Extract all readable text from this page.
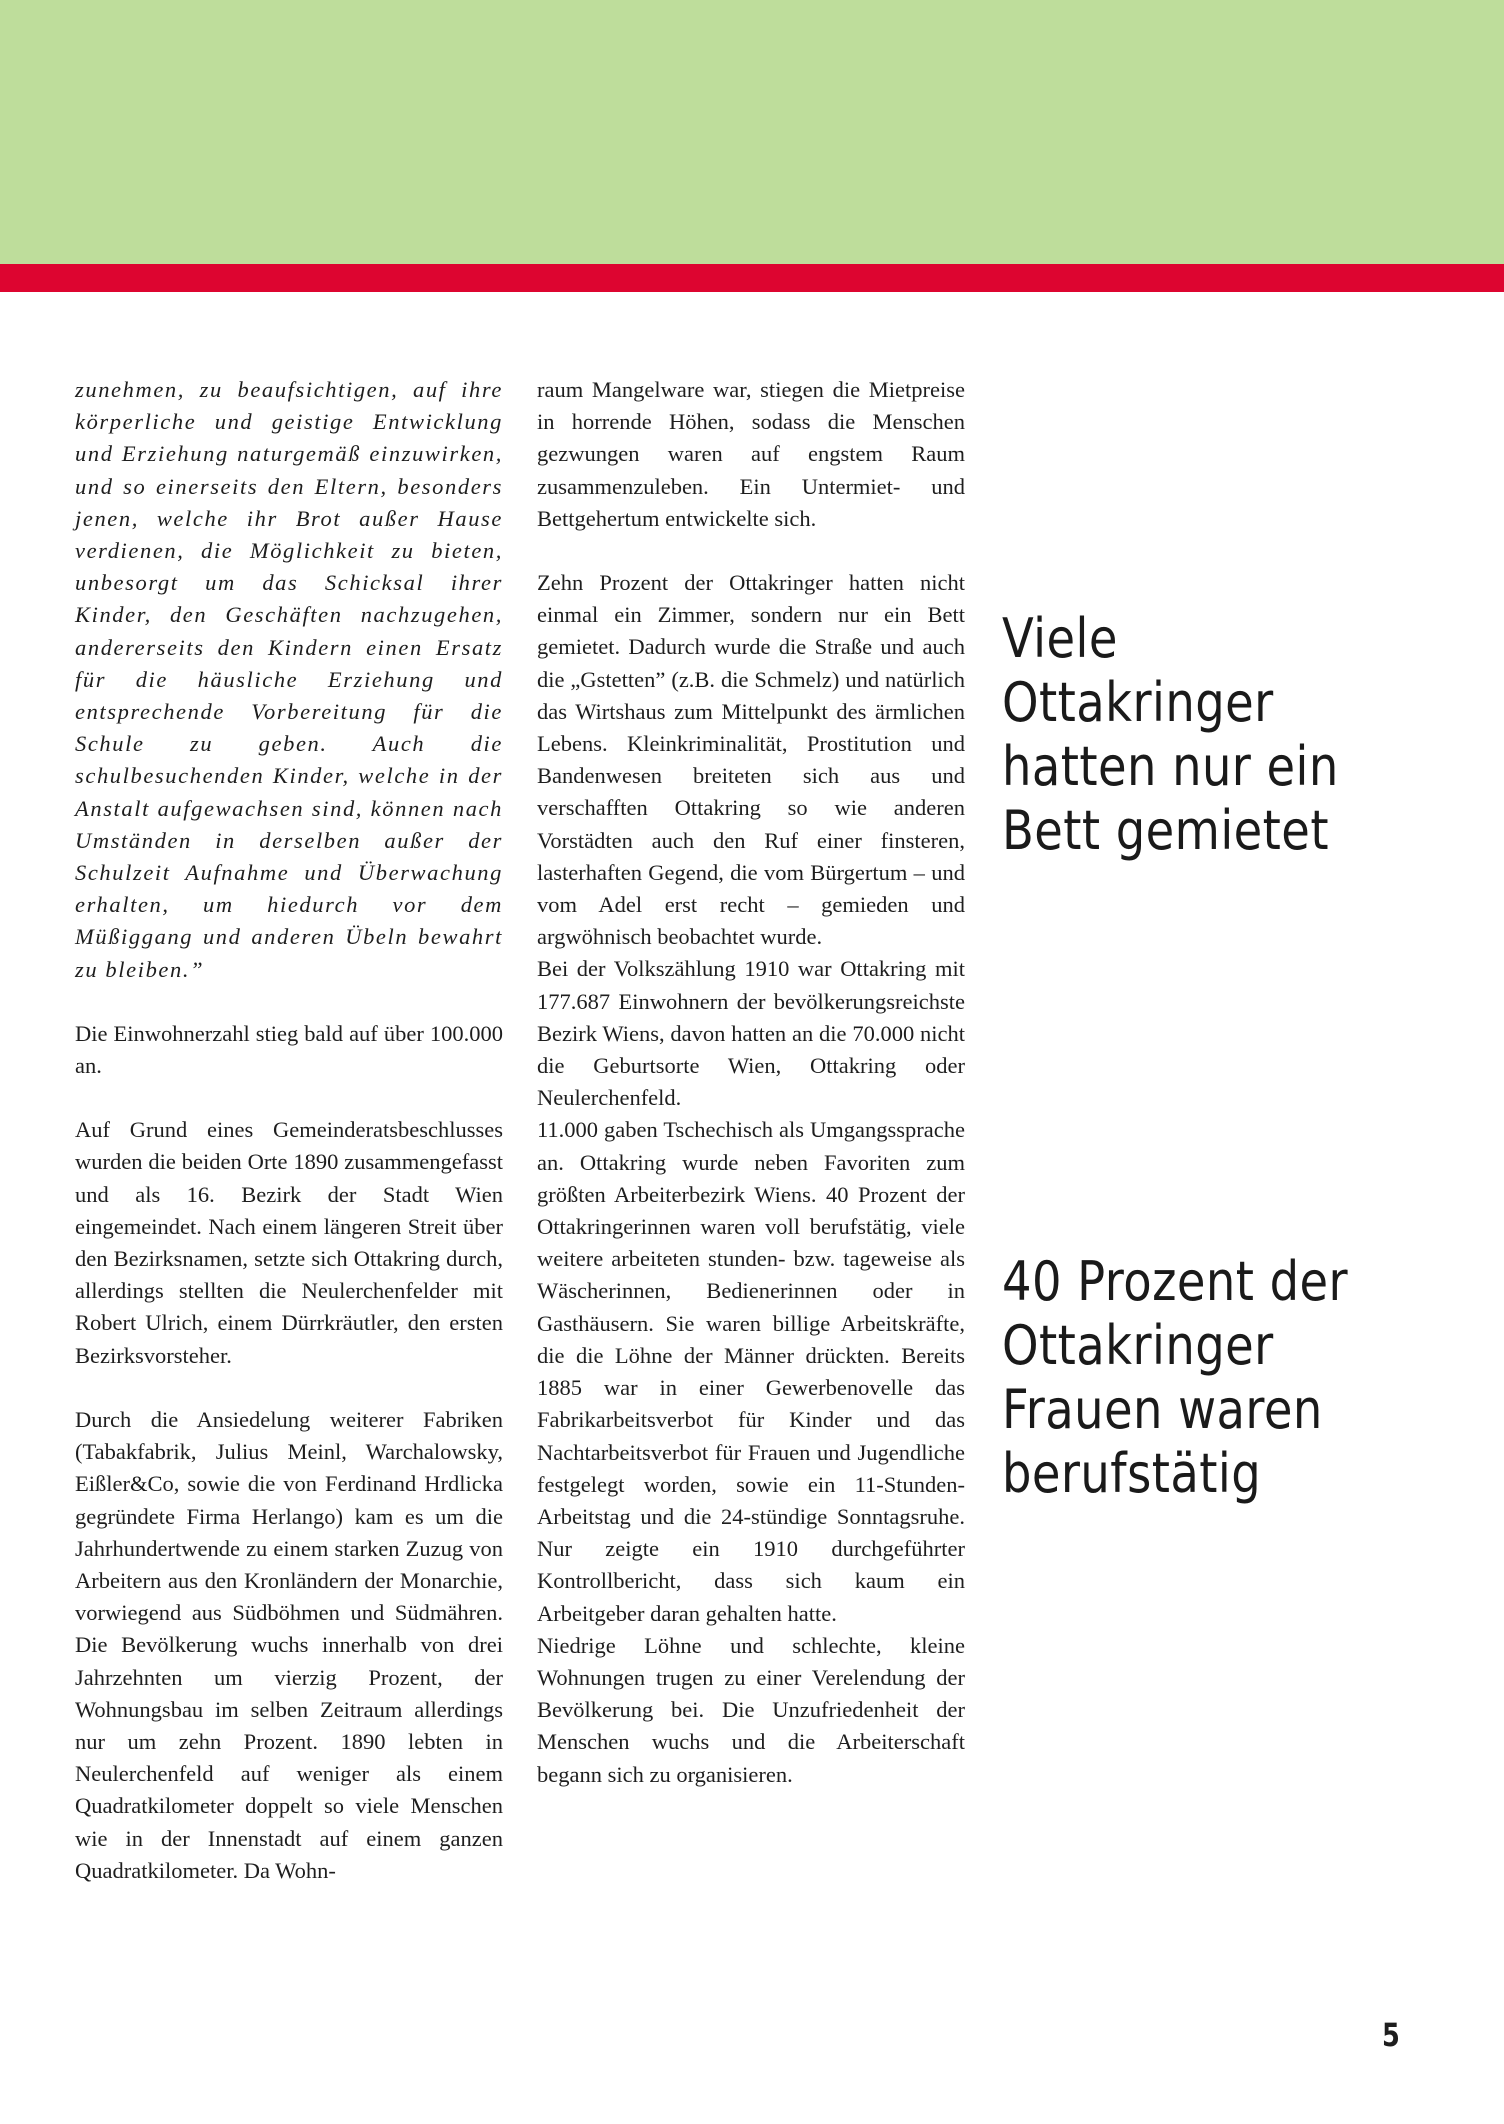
zunehmen, zu beaufsichtigen, auf ihre körperliche und geistige Entwicklung und Erziehung naturgemäß einzuwirken, und so einerseits den Eltern, besonders jenen, welche ihr Brot außer Hause verdienen, die Möglichkeit zu bieten, unbesorgt um das Schicksal ihrer Kinder, den Geschäften nachzugehen, andererseits den Kindern einen Ersatz für die häusliche Erziehung und entsprechende Vorbereitung für die Schule zu geben. Auch die schulbesuchenden Kinder, welche in der Anstalt aufgewachsen sind, können nach Umständen in derselben außer der Schulzeit Aufnahme und Überwachung erhalten, um hiedurch vor dem Müßiggang und anderen Übeln bewahrt zu bleiben.”

Die Einwohnerzahl stieg bald auf über 100.000 an.

Auf Grund eines Gemeinderatsbeschlusses wurden die beiden Orte 1890 zusammengefasst und als 16. Bezirk der Stadt Wien eingemeindet. Nach einem längeren Streit über den Bezirksnamen, setzte sich Ottakring durch, allerdings stellten die Neulerchenfelder mit Robert Ulrich, einem Dürrkräutler, den ersten Bezirksvorsteher.

Durch die Ansiedelung weiterer Fabriken (Tabakfabrik, Julius Meinl, Warchalowsky, Eißler&Co, sowie die von Ferdinand Hrdlicka gegründete Firma Herlango) kam es um die Jahrhundertwende zu einem starken Zuzug von Arbeitern aus den Kronländern der Monarchie, vorwiegend aus Südböhmen und Südmähren. Die Bevölkerung wuchs innerhalb von drei Jahrzehnten um vierzig Prozent, der Wohnungsbau im selben Zeitraum allerdings nur um zehn Prozent. 1890 lebten in Neulerchenfeld auf weniger als einem Quadratkilometer doppelt so viele Menschen wie in der Innenstadt auf einem ganzen Quadratkilometer. Da Wohn-

raum Mangelware war, stiegen die Mietpreise in horrende Höhen, sodass die Menschen gezwungen waren auf engstem Raum zusammenzuleben. Ein Untermiet- und Bettgehertum entwickelte sich.

Zehn Prozent der Ottakringer hatten nicht einmal ein Zimmer, sondern nur ein Bett gemietet. Dadurch wurde die Straße und auch die „Gstetten” (z.B. die Schmelz) und natürlich das Wirtshaus zum Mittelpunkt des ärmlichen Lebens. Kleinkriminalität, Prostitution und Bandenwesen breiteten sich aus und verschafften Ottakring so wie anderen Vorstädten auch den Ruf einer finsteren, lasterhaften Gegend, die vom Bürgertum – und vom Adel erst recht – gemieden und argwöhnisch beobachtet wurde.

Bei der Volkszählung 1910 war Ottakring mit 177.687 Einwohnern der bevölkerungsreichste Bezirk Wiens, davon hatten an die 70.000 nicht die Geburtsorte Wien, Ottakring oder Neulerchenfeld.

11.000 gaben Tschechisch als Umgangssprache an. Ottakring wurde neben Favoriten zum größten Arbeiterbezirk Wiens. 40 Prozent der Ottakringerinnen waren voll berufstätig, viele weitere arbeiteten stunden- bzw. tageweise als Wäscherinnen, Bedienerinnen oder in Gasthäusern. Sie waren billige Arbeitskräfte, die die Löhne der Männer drückten. Bereits 1885 war in einer Gewerbenovelle das Fabrikarbeitsverbot für Kinder und das Nachtarbeitsverbot für Frauen und Jugendliche festgelegt worden, sowie ein 11-Stunden-Arbeitstag und die 24-stündige Sonntagsruhe. Nur zeigte ein 1910 durchgeführter Kontrollbericht, dass sich kaum ein Arbeitgeber daran gehalten hatte.

Niedrige Löhne und schlechte, kleine Wohnungen trugen zu einer Verelendung der Bevölkerung bei. Die Unzufriedenheit der Menschen wuchs und die Arbeiterschaft begann sich zu organisieren.

Viele Ottakringer
hatten nur ein
Bett gemietet
40 Prozent der
Ottakringer
Frauen waren
berufstätig
5
